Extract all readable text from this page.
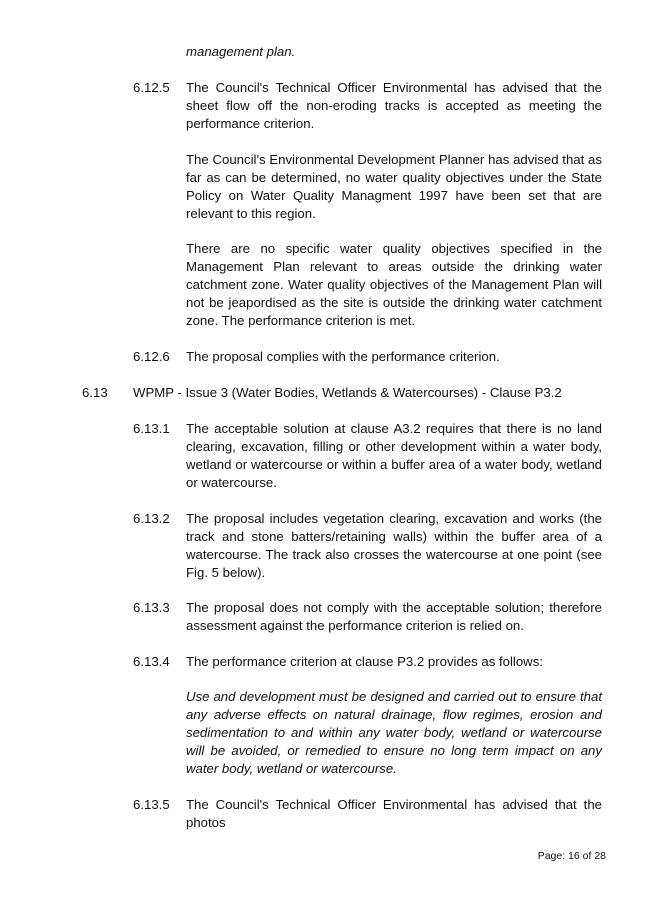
management plan.

6.12.5 The Council's Technical Officer Environmental has advised that the sheet flow off the non-eroding tracks is accepted as meeting the performance criterion.

The Council's Environmental Development Planner has advised that as far as can be determined, no water quality objectives under the State Policy on Water Quality Managment 1997 have been set that are relevant to this region.

There are no specific water quality objectives specified in the Management Plan relevant to areas outside the drinking water catchment zone. Water quality objectives of the Management Plan will not be jeapordised as the site is outside the drinking water catchment zone. The performance criterion is met.

6.12.6 The proposal complies with the performance criterion.

6.13 WPMP - Issue 3 (Water Bodies, Wetlands & Watercourses) - Clause P3.2
6.13.1 The acceptable solution at clause A3.2 requires that there is no land clearing, excavation, filling or other development within a water body, wetland or watercourse or within a buffer area of a water body, wetland or watercourse.

6.13.2 The proposal includes vegetation clearing, excavation and works (the track and stone batters/retaining walls) within the buffer area of a watercourse. The track also crosses the watercourse at one point (see Fig. 5 below).

6.13.3 The proposal does not comply with the acceptable solution; therefore assessment against the performance criterion is relied on.

6.13.4 The performance criterion at clause P3.2 provides as follows:

Use and development must be designed and carried out to ensure that any adverse effects on natural drainage, flow regimes, erosion and sedimentation to and within any water body, wetland or watercourse will be avoided, or remedied to ensure no long term impact on any water body, wetland or watercourse.

6.13.5 The Council's Technical Officer Environmental has advised that the photos

Page: 16 of 28
